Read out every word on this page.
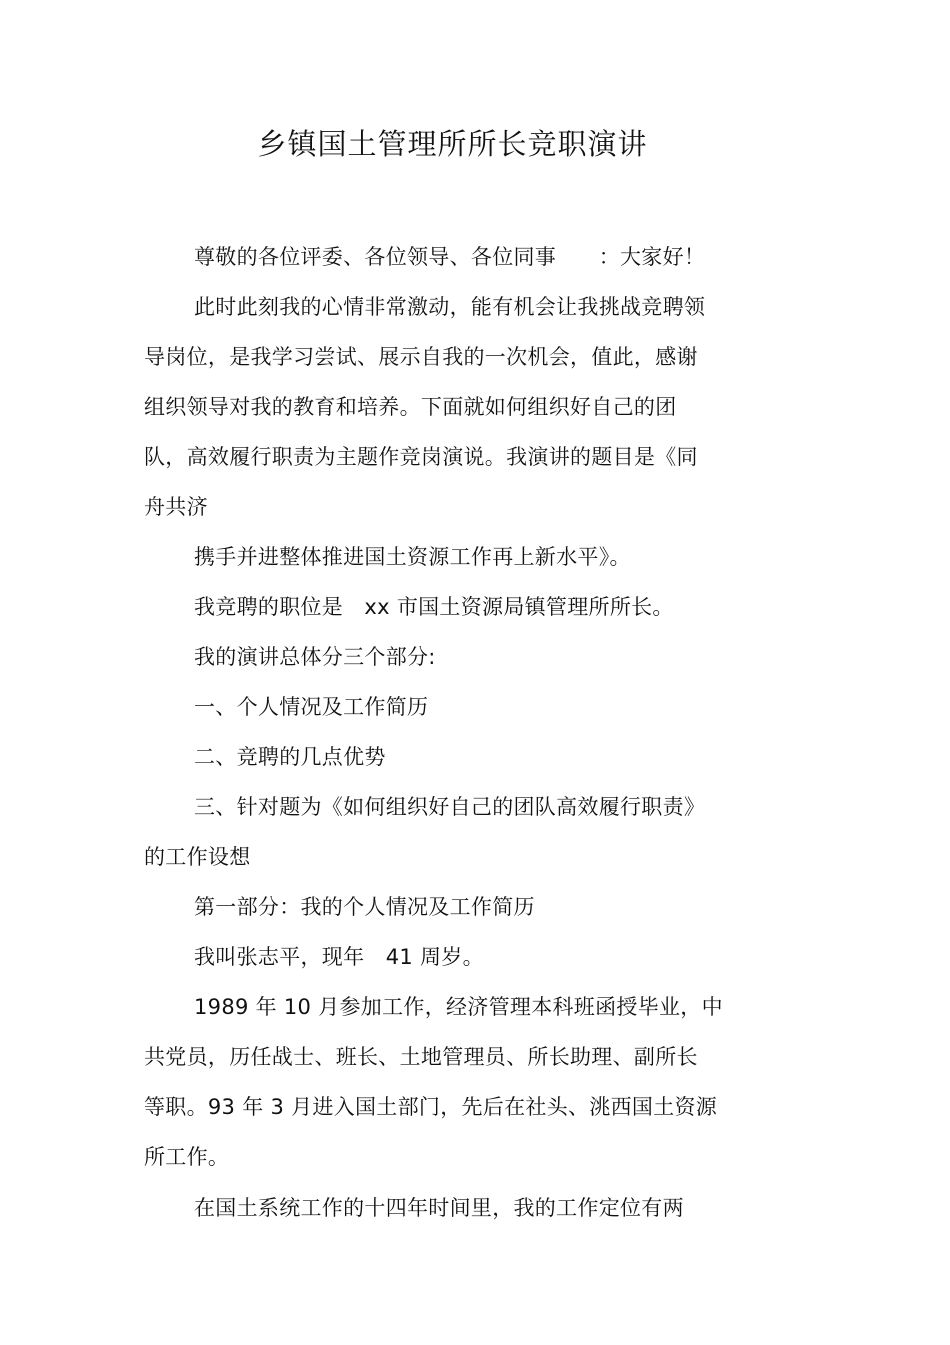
乡镇国土管理所所长竞职演讲
尊敬的各位评委、各位领导、各位同事　　：大家好！
此时此刻我的心情非常激动，能有机会让我挑战竞聘领
导岗位，是我学习尝试、展示自我的一次机会，值此，感谢
组织领导对我的教育和培养。下面就如何组织好自己的团
队，高效履行职责为主题作竞岗演说。我演讲的题目是《同
舟共济
携手并进整体推进国土资源工作再上新水平》。
我竞聘的职位是　xx 市国土资源局镇管理所所长。
我的演讲总体分三个部分:
一、个人情况及工作简历
二、竞聘的几点优势
三、针对题为《如何组织好自己的团队高效履行职责》
的工作设想
第一部分：我的个人情况及工作简历
我叫张志平，现年　41 周岁。
1989 年 10 月参加工作，经济管理本科班函授毕业，中
共党员，历任战士、班长、土地管理员、所长助理、副所长
等职。93 年 3 月进入国土部门，先后在社头、洮西国土资源
所工作。
在国土系统工作的十四年时间里，我的工作定位有两
